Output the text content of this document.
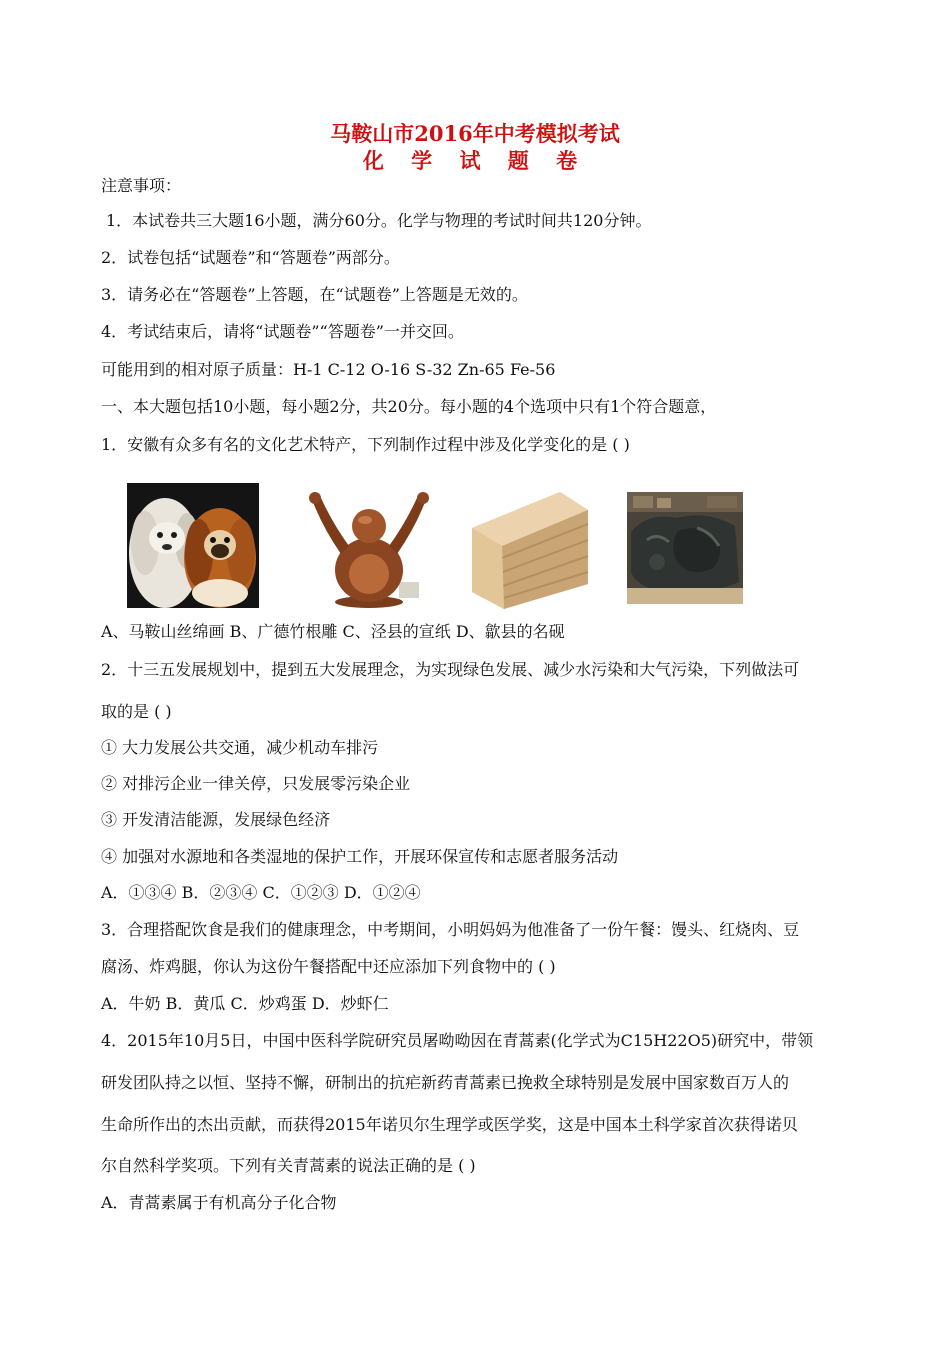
马鞍山市2016年中考模拟考试
化 学 试 题 卷
注意事项：
1．本试卷共三大题16小题，满分60分。化学与物理的考试时间共120分钟。
2．试卷包括“试题卷”和“答题卷”两部分。
3．请务必在“答题卷”上答题，在“试题卷”上答题是无效的。
4．考试结束后，请将“试题卷”“答题卷”一并交回。
可能用到的相对原子质量：H-1 C-12 O-16 S-32 Zn-65 Fe-56
一、本大题包括10小题，每小题2分，共20分。每小题的4个选项中只有1个符合题意，
1．安徽有众多有名的文化艺术特产，下列制作过程中涉及化学变化的是 ( )
A、马鞍山丝绵画 B、广德竹根雕 C、泾县的宣纸 D、歙县的名砚
2．十三五发展规划中，提到五大发展理念，为实现绿色发展、减少水污染和大气污染，下列做法可
取的是 ( )
① 大力发展公共交通，减少机动车排污
② 对排污企业一律关停，只发展零污染企业
③ 开发清洁能源，发展绿色经济
④ 加强对水源地和各类湿地的保护工作，开展环保宣传和志愿者服务活动
A．①③④ B．②③④ C．①②③ D．①②④
3．合理搭配饮食是我们的健康理念，中考期间，小明妈妈为他准备了一份午餐：馒头、红烧肉、豆
腐汤、炸鸡腿，你认为这份午餐搭配中还应添加下列食物中的 ( )
A．牛奶 B．黄瓜 C．炒鸡蛋 D．炒虾仁
4．2015年10月5日，中国中医科学院研究员屠呦呦因在青蒿素(化学式为C15H22O5)研究中，带领
研发团队持之以恒、坚持不懈，研制出的抗疟新药青蒿素已挽救全球特别是发展中国家数百万人的
生命所作出的杰出贡献，而获得2015年诺贝尔生理学或医学奖，这是中国本土科学家首次获得诺贝
尔自然科学奖项。下列有关青蒿素的说法正确的是 ( )
A．青蒿素属于有机高分子化合物
